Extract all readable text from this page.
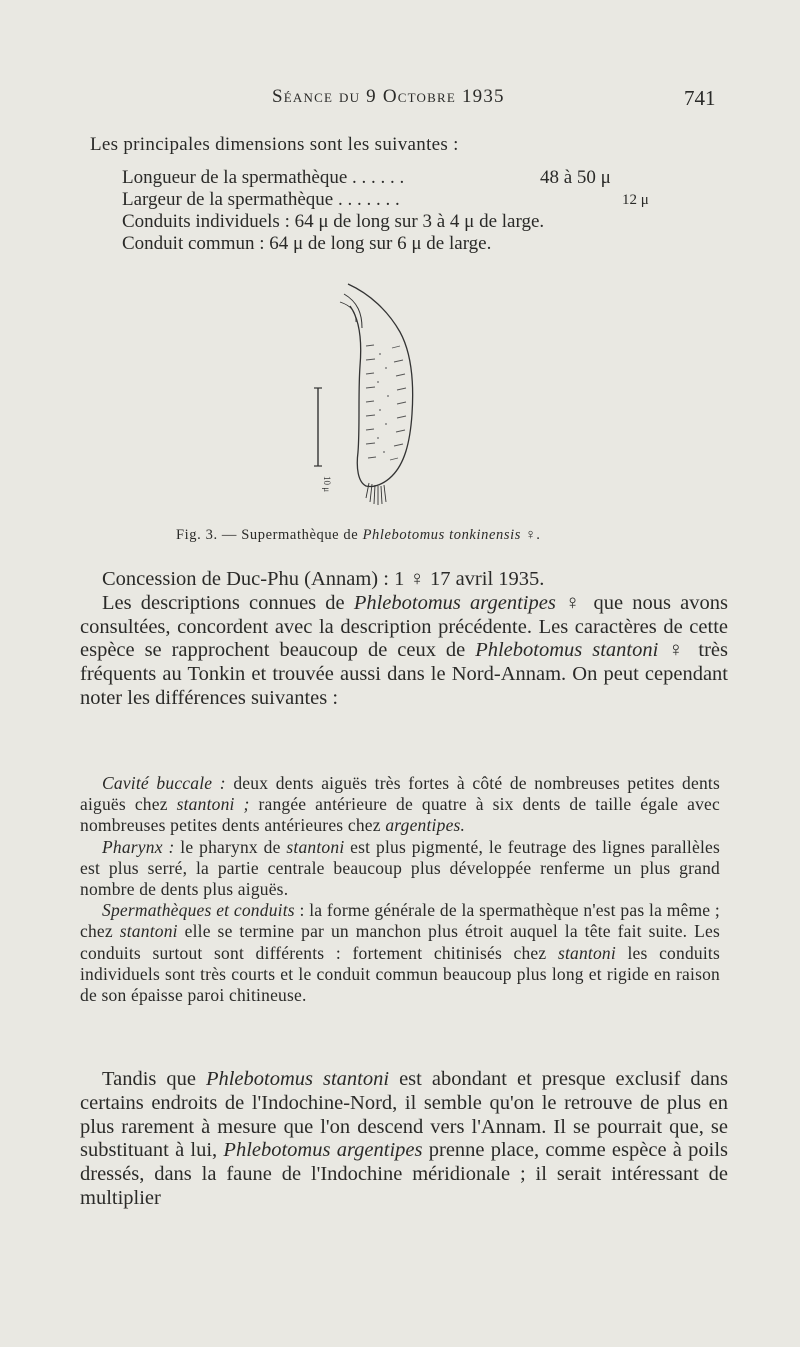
Séance du 9 Octobre 1935	741
Les principales dimensions sont les suivantes :
Longueur de la spermathèque . . . . . .	48 à 50 μ
Largeur de la spermathèque . . . . . . .	12 μ
Conduits individuels : 64 μ de long sur 3 à 4 μ de large.
Conduit commun : 64 μ de long sur 6 μ de large.
10 μ
Fig. 3. — Supermathèque de Phlebotomus tonkinensis ♀.

Concession de Duc-Phu (Annam) : 1 ♀ 17 avril 1935.

Les descriptions connues de Phlebotomus argentipes ♀ que nous avons consultées, concordent avec la description précédente. Les caractères de cette espèce se rapprochent beaucoup de ceux de Phlebotomus stantoni ♀ très fréquents au Tonkin et trouvée aussi dans le Nord-Annam. On peut cependant noter les différences suivantes :

Cavité buccale : deux dents aiguës très fortes à côté de nombreuses petites dents aiguës chez stantoni ; rangée antérieure de quatre à six dents de taille égale avec nombreuses petites dents antérieures chez argentipes.

Pharynx : le pharynx de stantoni est plus pigmenté, le feutrage des lignes parallèles est plus serré, la partie centrale beaucoup plus développée renferme un plus grand nombre de dents plus aiguës.

Spermathèques et conduits : la forme générale de la spermathèque n'est pas la même ; chez stantoni elle se termine par un manchon plus étroit auquel la tête fait suite. Les conduits surtout sont différents : fortement chitinisés chez stantoni les conduits individuels sont très courts et le conduit commun beaucoup plus long et rigide en raison de son épaisse paroi chitineuse.

Tandis que Phlebotomus stantoni est abondant et presque exclusif dans certains endroits de l'Indochine-Nord, il semble qu'on le retrouve de plus en plus rarement à mesure que l'on descend vers l'Annam. Il se pourrait que, se substituant à lui, Phlebotomus argentipes prenne place, comme espèce à poils dressés, dans la faune de l'Indochine méridionale ; il serait intéressant de multiplier
